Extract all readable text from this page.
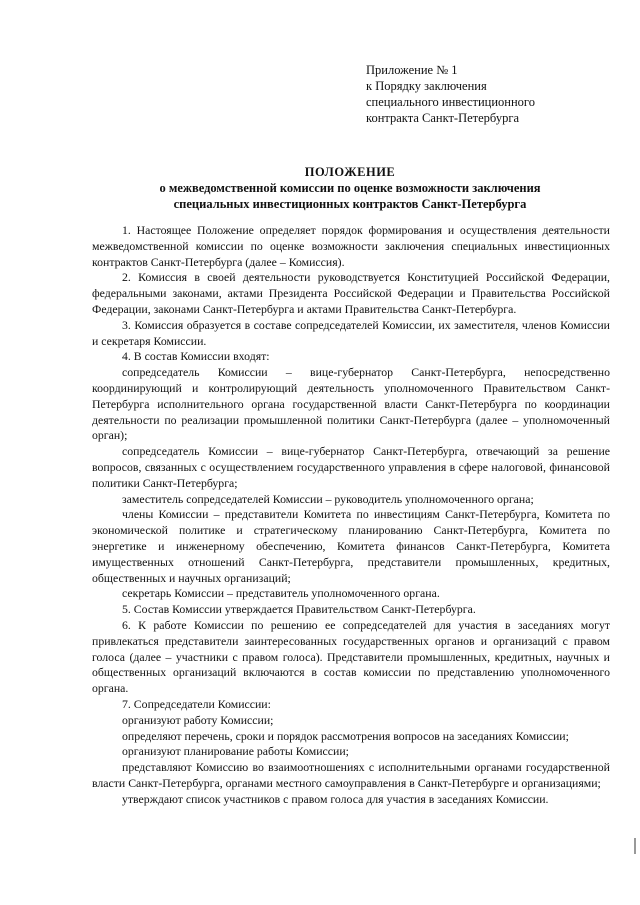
Приложение № 1
к Порядку заключения
специального инвестиционного
контракта Санкт-Петербурга
ПОЛОЖЕНИЕ
о межведомственной комиссии по оценке возможности заключения
специальных инвестиционных контрактов Санкт-Петербурга

1. Настоящее Положение определяет порядок формирования и осуществления деятельности межведомственной комиссии по оценке возможности заключения специальных инвестиционных контрактов Санкт-Петербурга (далее – Комиссия).

2. Комиссия в своей деятельности руководствуется Конституцией Российской Федерации, федеральными законами, актами Президента Российской Федерации и Правительства Российской Федерации, законами Санкт-Петербурга и актами Правительства Санкт-Петербурга.

3. Комиссия образуется в составе сопредседателей Комиссии, их заместителя, членов Комиссии и секретаря Комиссии.

4. В состав Комиссии входят:

сопредседатель Комиссии – вице-губернатор Санкт-Петербурга, непосредственно координирующий и контролирующий деятельность уполномоченного Правительством Санкт-Петербурга исполнительного органа государственной власти Санкт-Петербурга по координации деятельности по реализации промышленной политики Санкт-Петербурга (далее – уполномоченный орган);

сопредседатель Комиссии – вице-губернатор Санкт-Петербурга, отвечающий за решение вопросов, связанных с осуществлением государственного управления в сфере налоговой, финансовой политики Санкт-Петербурга;

заместитель сопредседателей Комиссии – руководитель уполномоченного органа;

члены Комиссии – представители Комитета по инвестициям Санкт-Петербурга, Комитета по экономической политике и стратегическому планированию Санкт-Петербурга, Комитета по энергетике и инженерному обеспечению, Комитета финансов Санкт-Петербурга, Комитета имущественных отношений Санкт-Петербурга, представители промышленных, кредитных, общественных и научных организаций;

секретарь Комиссии – представитель уполномоченного органа.

5. Состав Комиссии утверждается Правительством Санкт-Петербурга.

6. К работе Комиссии по решению ее сопредседателей для участия в заседаниях могут привлекаться представители заинтересованных государственных органов и организаций с правом голоса (далее – участники с правом голоса). Представители промышленных, кредитных, научных и общественных организаций включаются в состав комиссии по представлению уполномоченного органа.

7. Сопредседатели Комиссии:

организуют работу Комиссии;

определяют перечень, сроки и порядок рассмотрения вопросов на заседаниях Комиссии;

организуют планирование работы Комиссии;

представляют Комиссию во взаимоотношениях с исполнительными органами государственной власти Санкт-Петербурга, органами местного самоуправления в Санкт-Петербурге и организациями;

утверждают список участников с правом голоса для участия в заседаниях Комиссии.
